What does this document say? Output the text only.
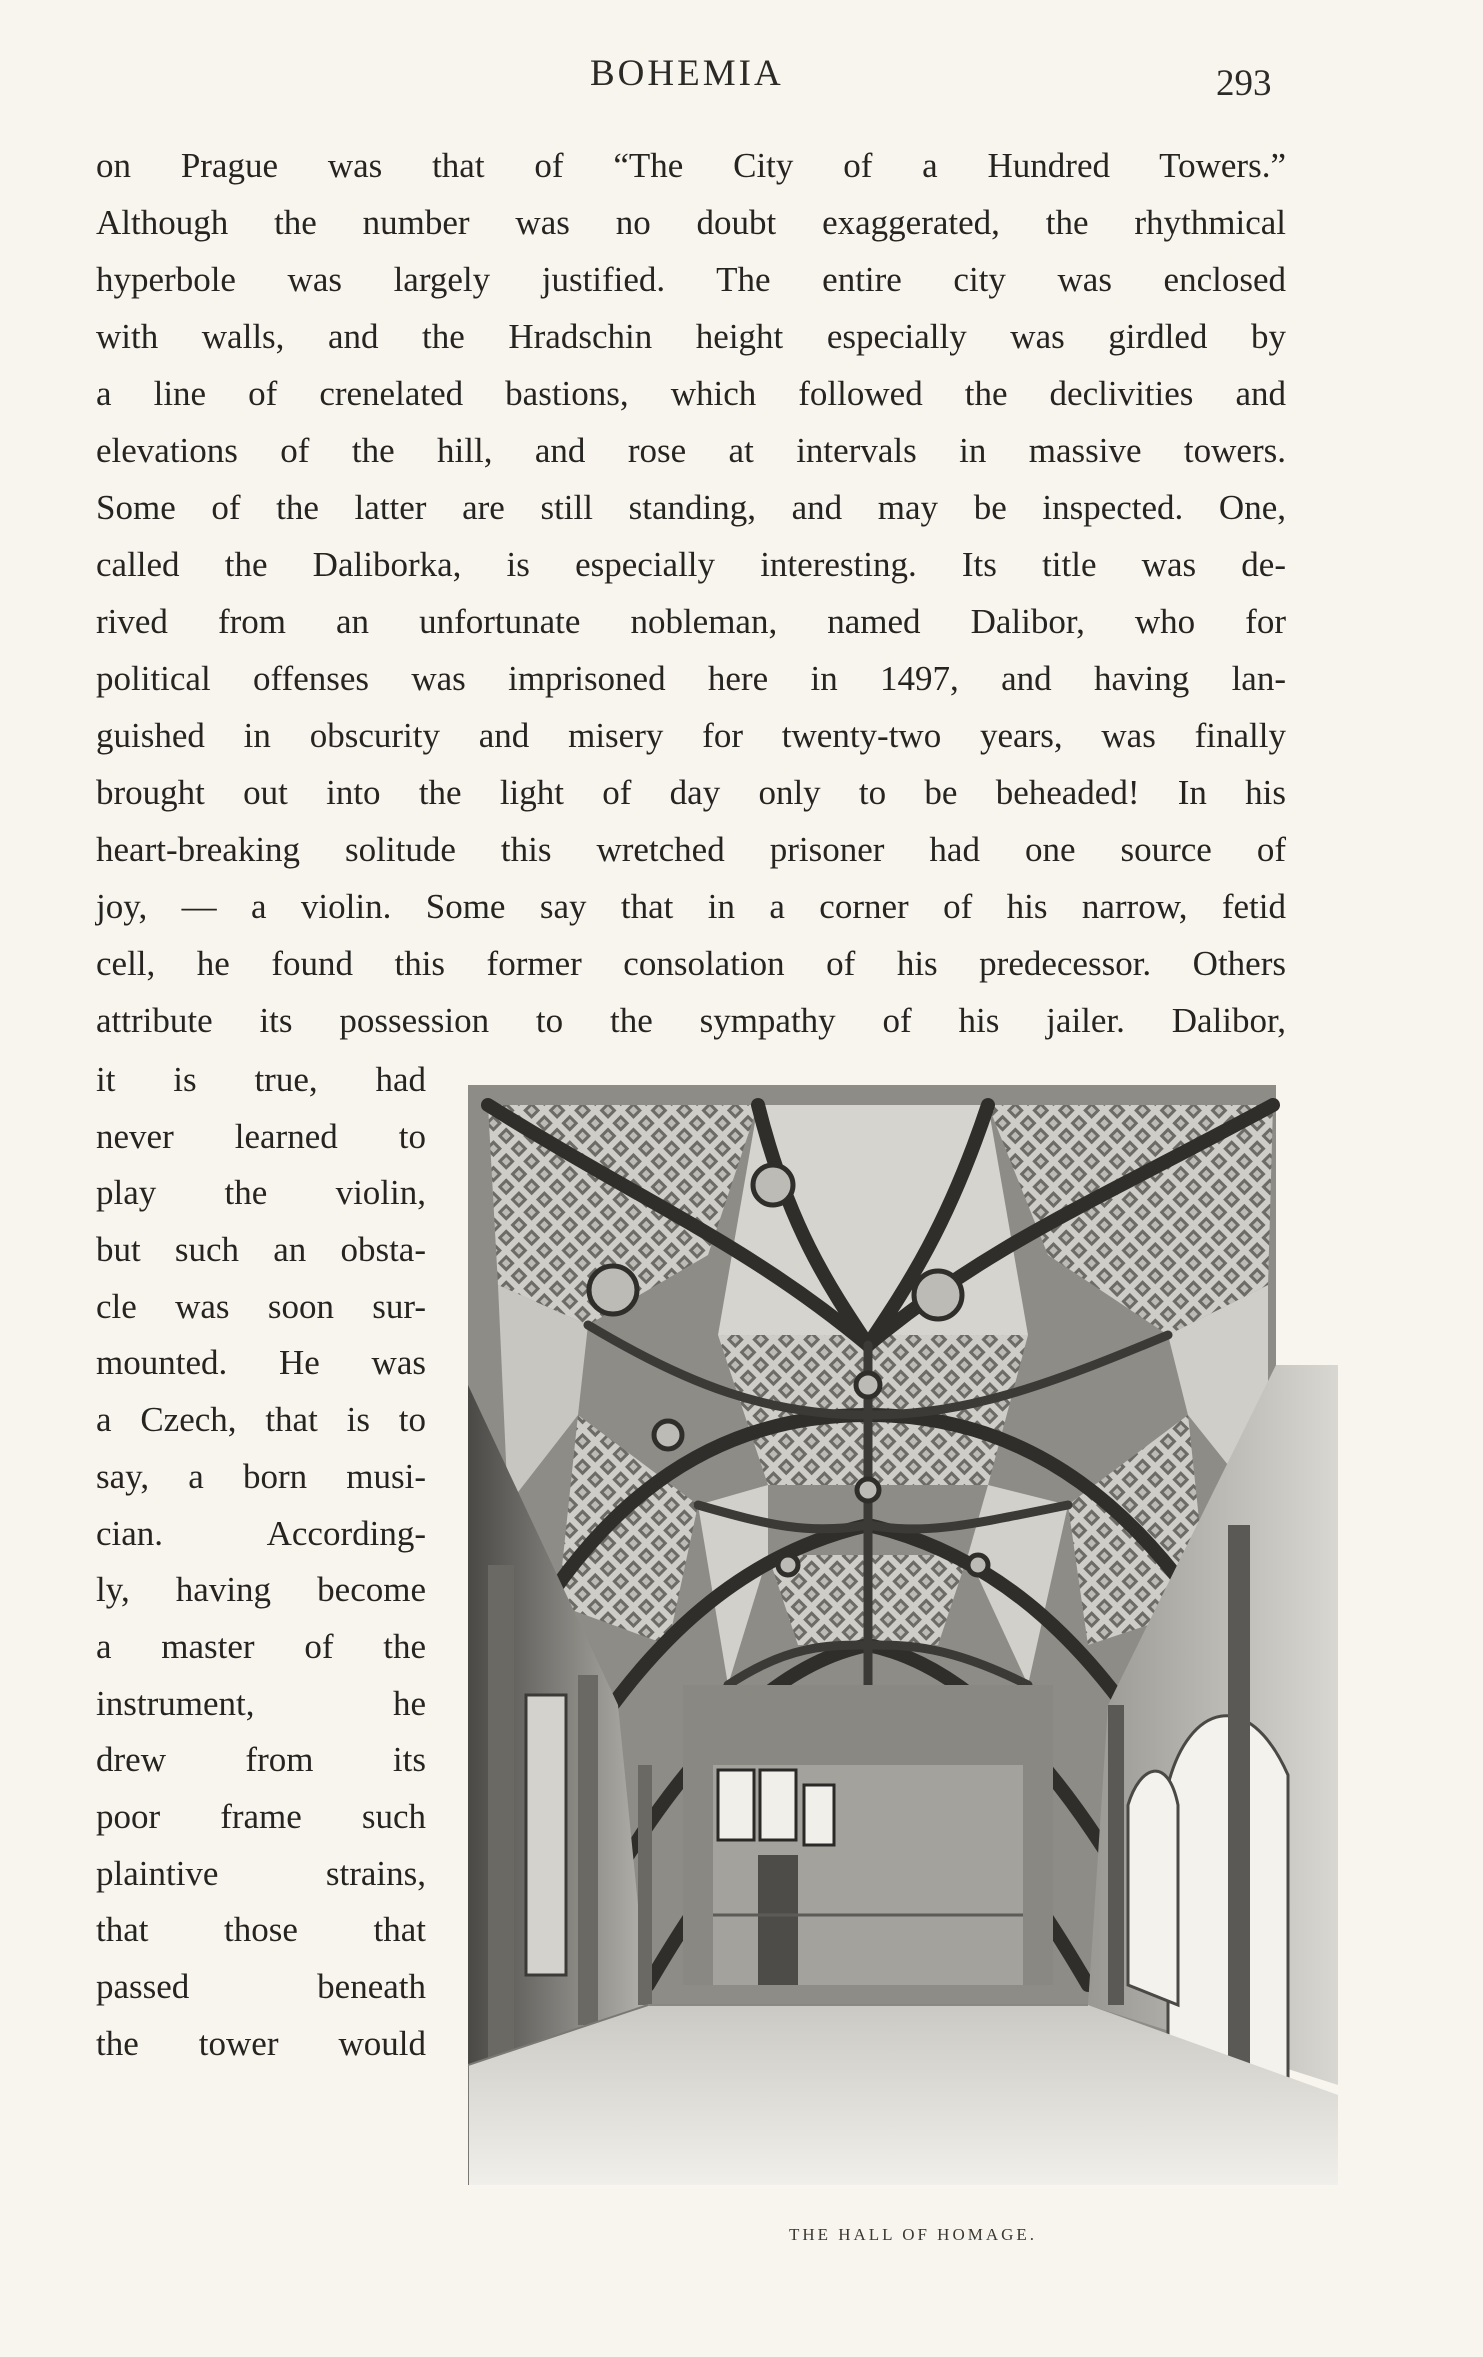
BOHEMIA	293
on Prague was that of “The City of a Hundred Towers.”
Although the number was no doubt exaggerated, the rhythmical
hyperbole was largely justified. The entire city was enclosed
with walls, and the Hradschin height especially was girdled by
a line of crenelated bastions, which followed the declivities and
elevations of the hill, and rose at intervals in massive towers.
Some of the latter are still standing, and may be inspected. One,
called the Daliborka, is especially interesting. Its title was de-
rived from an unfortunate nobleman, named Dalibor, who for
political offenses was imprisoned here in 1497, and having lan-
guished in obscurity and misery for twenty-two years, was finally
brought out into the light of day only to be beheaded! In his
heart-breaking solitude this wretched prisoner had one source of
joy, — a violin. Some say that in a corner of his narrow, fetid
cell, he found this former consolation of his predecessor. Others
attribute its possession to the sympathy of his jailer. Dalibor,
it is true, had
never learned to
play the violin,
but such an obsta-
cle was soon sur-
mounted. He was
a Czech, that is to
say, a born musi-
cian. According-
ly, having become
a master of the
instrument, he
drew from its
poor frame such
plaintive strains,
that those that
passed beneath
the tower would
THE HALL OF HOMAGE.
